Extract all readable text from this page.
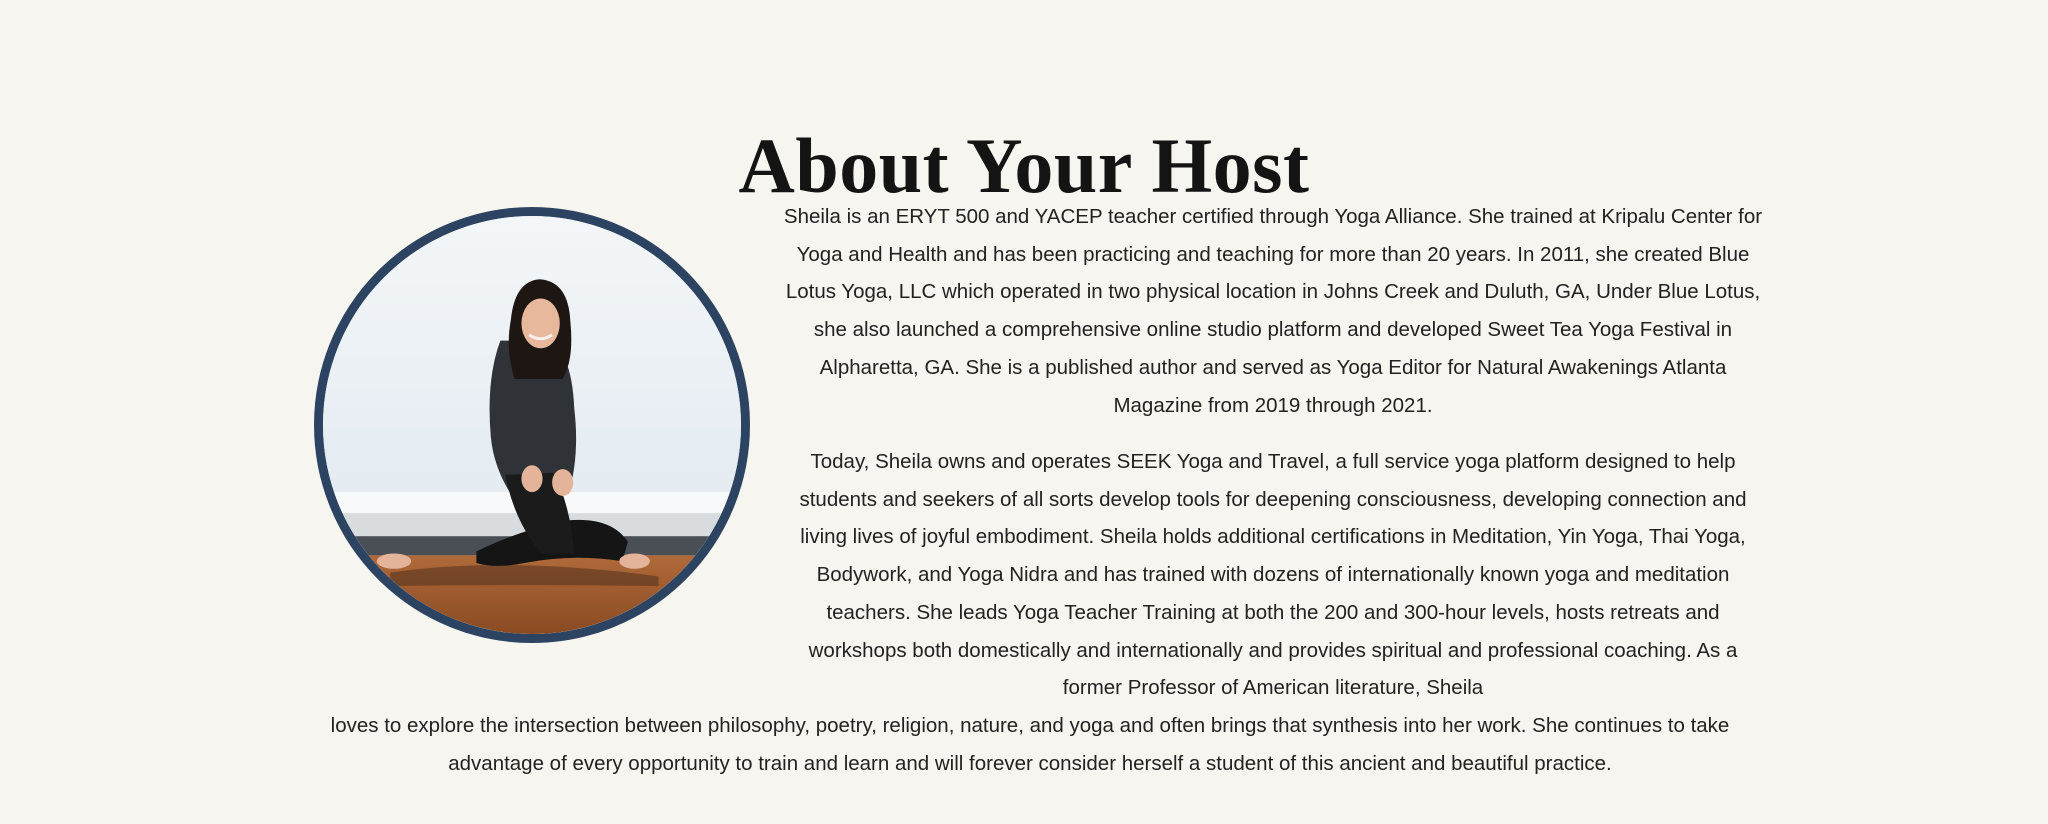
About Your Host

Sheila is an ERYT 500 and YACEP teacher certified through Yoga Alliance. She trained at Kripalu Center for Yoga and Health and has been practicing and teaching for more than 20 years. In 2011, she created Blue Lotus Yoga, LLC which operated in two physical location in Johns Creek and Duluth, GA, Under Blue Lotus, she also launched a comprehensive online studio platform and developed Sweet Tea Yoga Festival in Alpharetta, GA. She is a published author and served as Yoga Editor for Natural Awakenings Atlanta Magazine from 2019 through 2021.

Today, Sheila owns and operates SEEK Yoga and Travel, a full service yoga platform designed to help students and seekers of all sorts develop tools for deepening consciousness, developing connection and living lives of joyful embodiment. Sheila holds additional certifications in Meditation, Yin Yoga, Thai Yoga, Bodywork, and Yoga Nidra and has trained with dozens of internationally known yoga and meditation teachers. She leads Yoga Teacher Training at both the 200 and 300-hour levels, hosts retreats and workshops both domestically and internationally and provides spiritual and professional coaching. As a former Professor of American literature, Sheila

loves to explore the intersection between philosophy, poetry, religion, nature, and yoga and often brings that synthesis into her work. She continues to take advantage of every opportunity to train and learn and will forever consider herself a student of this ancient and beautiful practice.
